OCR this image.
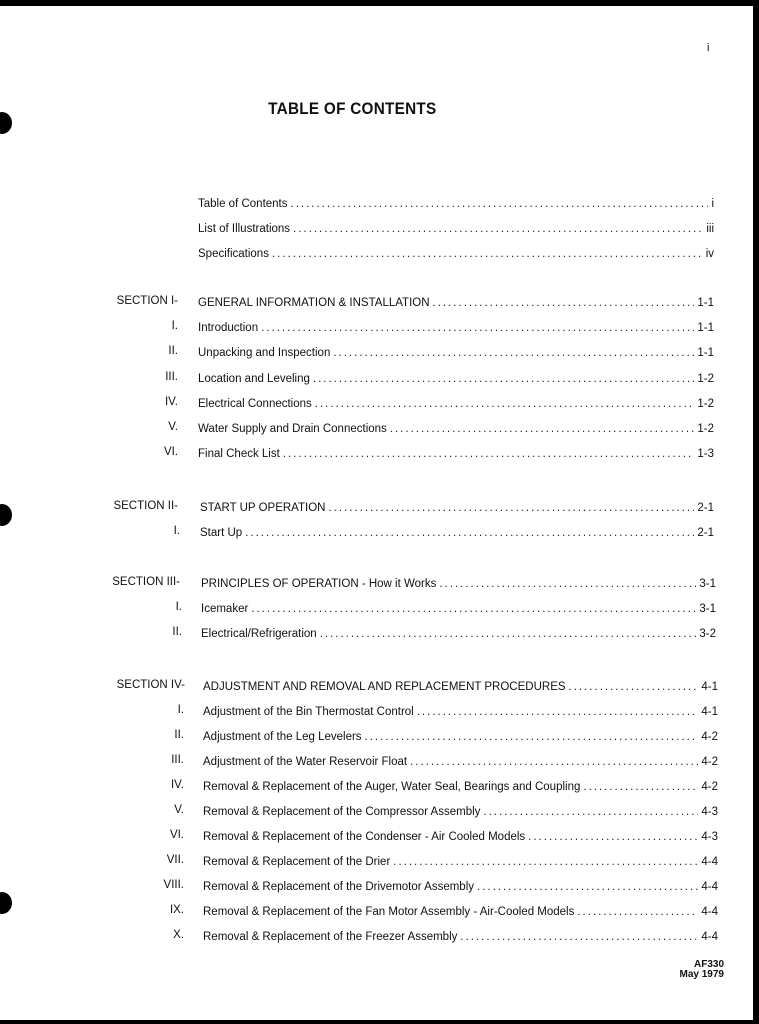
i
TABLE OF CONTENTS
Table of Contents .....	i
List of Illustrations .....	iii
Specifications .....	iv
SECTION I- GENERAL INFORMATION & INSTALLATION .....	1-1
I. Introduction .....	1-1
II. Unpacking and Inspection .....	1-1
III. Location and Leveling .....	1-2
IV. Electrical Connections .....	1-2
V. Water Supply and Drain Connections .....	1-2
VI. Final Check List .....	1-3
SECTION II- START UP OPERATION .....	2-1
I. Start Up .....	2-1
SECTION III- PRINCIPLES OF OPERATION - How it Works .....	3-1
I. Icemaker .....	3-1
II. Electrical/Refrigeration .....	3-2
SECTION IV- ADJUSTMENT AND REMOVAL AND REPLACEMENT PROCEDURES .....	4-1
I. Adjustment of the Bin Thermostat Control .....	4-1
II. Adjustment of the Leg Levelers .....	4-2
III. Adjustment of the Water Reservoir Float .....	4-2
IV. Removal & Replacement of the Auger, Water Seal, Bearings and Coupling .....	4-2
V. Removal & Replacement of the Compressor Assembly .....	4-3
VI. Removal & Replacement of the Condenser - Air Cooled Models .....	4-3
VII. Removal & Replacement of the Drier .....	4-4
VIII. Removal & Replacement of the Drivemotor Assembly .....	4-4
IX. Removal & Replacement of the Fan Motor Assembly - Air-Cooled Models .....	4-4
X. Removal & Replacement of the Freezer Assembly .....	4-4
AF330
May 1979
